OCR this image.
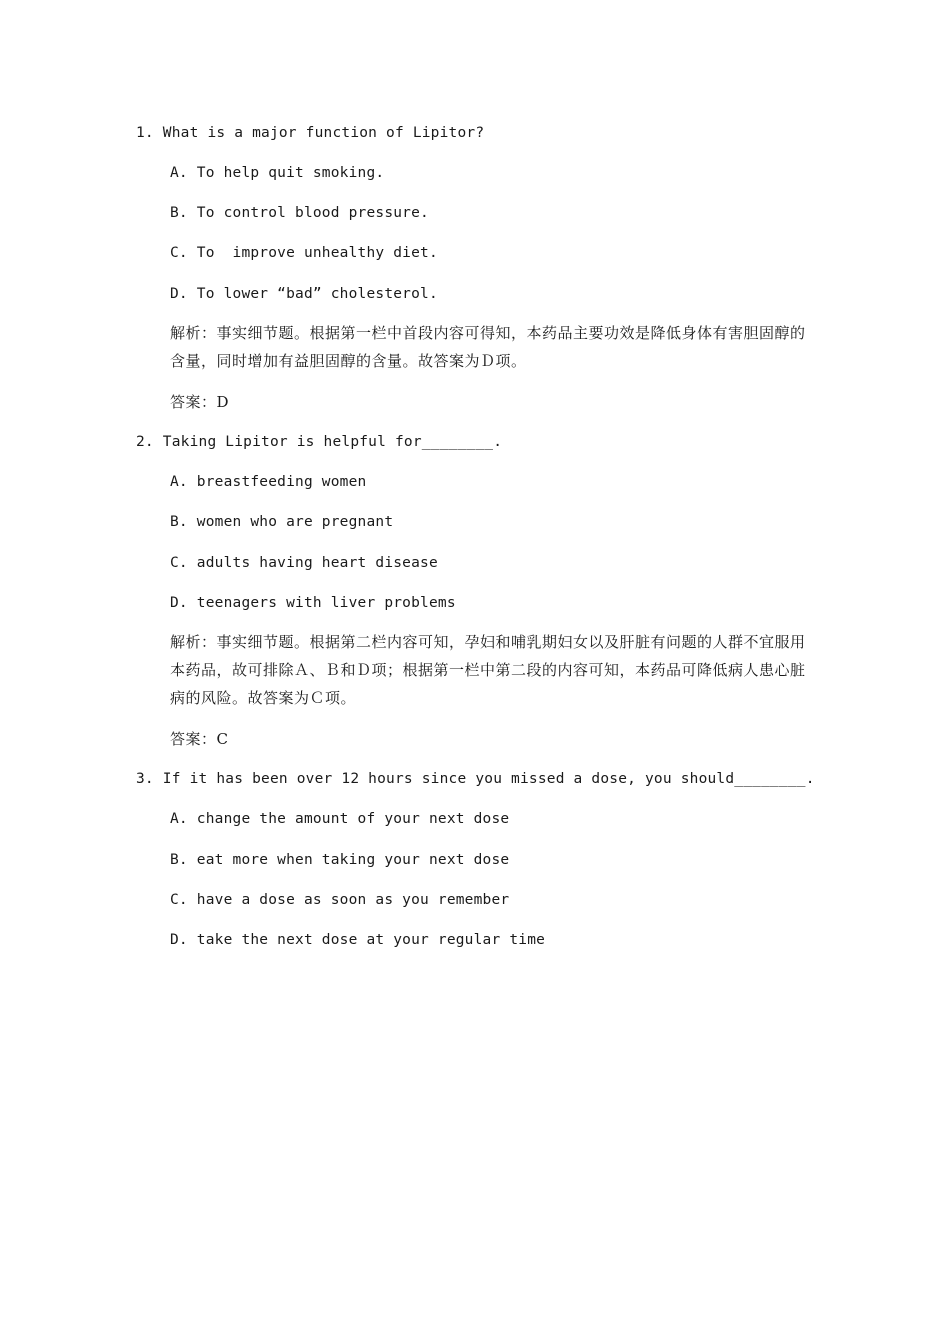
1. What is a major function of Lipitor?
A. To help quit smoking.
B. To control blood pressure.
C. To  improve unhealthy diet.
D. To lower “bad” cholesterol.
解析：事实细节题。根据第一栏中首段内容可得知，本药品主要功效是降低身体有害胆固醇的含量，同时增加有益胆固醇的含量。故答案为Ｄ项。
答案：D
2. Taking Lipitor is helpful for________.
A. breastfeeding women
B. women who are pregnant
C. adults having heart disease
D. teenagers with liver problems
解析：事实细节题。根据第二栏内容可知，孕妇和哺乳期妇女以及肝脏有问题的人群不宜服用本药品，故可排除Ａ、Ｂ和Ｄ项；根据第一栏中第二段的内容可知，本药品可降低病人患心脏病的风险。故答案为Ｃ项。
答案：C
3. If it has been over 12 hours since you missed a dose, you should________.
A. change the amount of your next dose
B. eat more when taking your next dose
C. have a dose as soon as you remember
D. take the next dose at your regular time
